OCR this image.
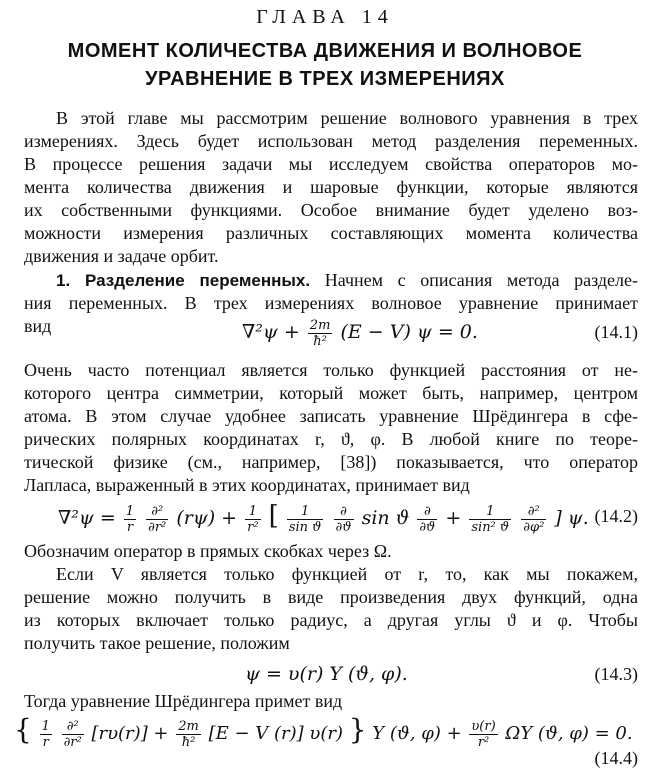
ГЛАВА 14
МОМЕНТ КОЛИЧЕСТВА ДВИЖЕНИЯ И ВОЛНОВОЕ
УРАВНЕНИЕ В ТРЕХ ИЗМЕРЕНИЯХ
В этой главе мы рассмотрим решение волнового уравнения в трех
измерениях. Здесь будет использован метод разделения переменных.
В процессе решения задачи мы исследуем свойства операторов мо-
мента количества движения и шаровые функции, которые являются
их собственными функциями. Особое внимание будет уделено воз-
можности измерения различных составляющих момента количества
движения и задаче орбит.
1. Разделение переменных. Начнем с описания метода разделе-
ния переменных. В трех измерениях волновое уравнение принимает
вид	$\nabla^2\psi + \frac{2m}{\text{ħ²}} (E - V) \psi = 0$.	(14.1)
Очень часто потенциал является только функцией расстояния от не-
которого центра симметрии, который может быть, например, центром
атома. В этом случае удобнее записать уравнение Шрёдингера в сфе-
рических полярных координатах r, ϑ, φ. В любой книге по теоре-
тической физике (см., например, [38]) показывается, что оператор
Лапласа, выраженный в этих координатах, принимает вид
$\nabla^2\psi = \frac{1}{r}$
$\frac{\text{∂²}}{\text{∂r²}} (r\psi) + \frac{1}{\text{r²}}$ [ $\frac{1}{\text{sin ϑ}}$
$\frac{\partial}{\partial ϑ}$ sin ϑ $\frac{\partial}{\partial ϑ} + \frac{1}{\text{sin² ϑ}}$
$\frac{\text{∂²}}{\text{∂φ²}}$ ] ψ. (14.2)
Обозначим оператор в прямых скобках через Ω.
Если V является только функцией от r, то, как мы покажем,
решение можно получить в виде произведения двух функций, одна
из которых включает только радиус, а другая углы ϑ и φ. Чтобы
получить такое решение, положим
ψ = υ(r) Y (ϑ, φ).	(14.3)
Тогда уравнение Шрёдингера примет вид
{ $\frac{1}{r}$
$\frac{\text{∂²}}{\text{∂r²}} [r\upsilon(r)] + \frac{2m}{\text{ħ²}} [E - V$ (r)] υ(r) } Y (ϑ, $\varphi) + \frac{\upsilon(r)}{\text{r²}}$ ΩY (ϑ, φ) = 0.
(14.4)
